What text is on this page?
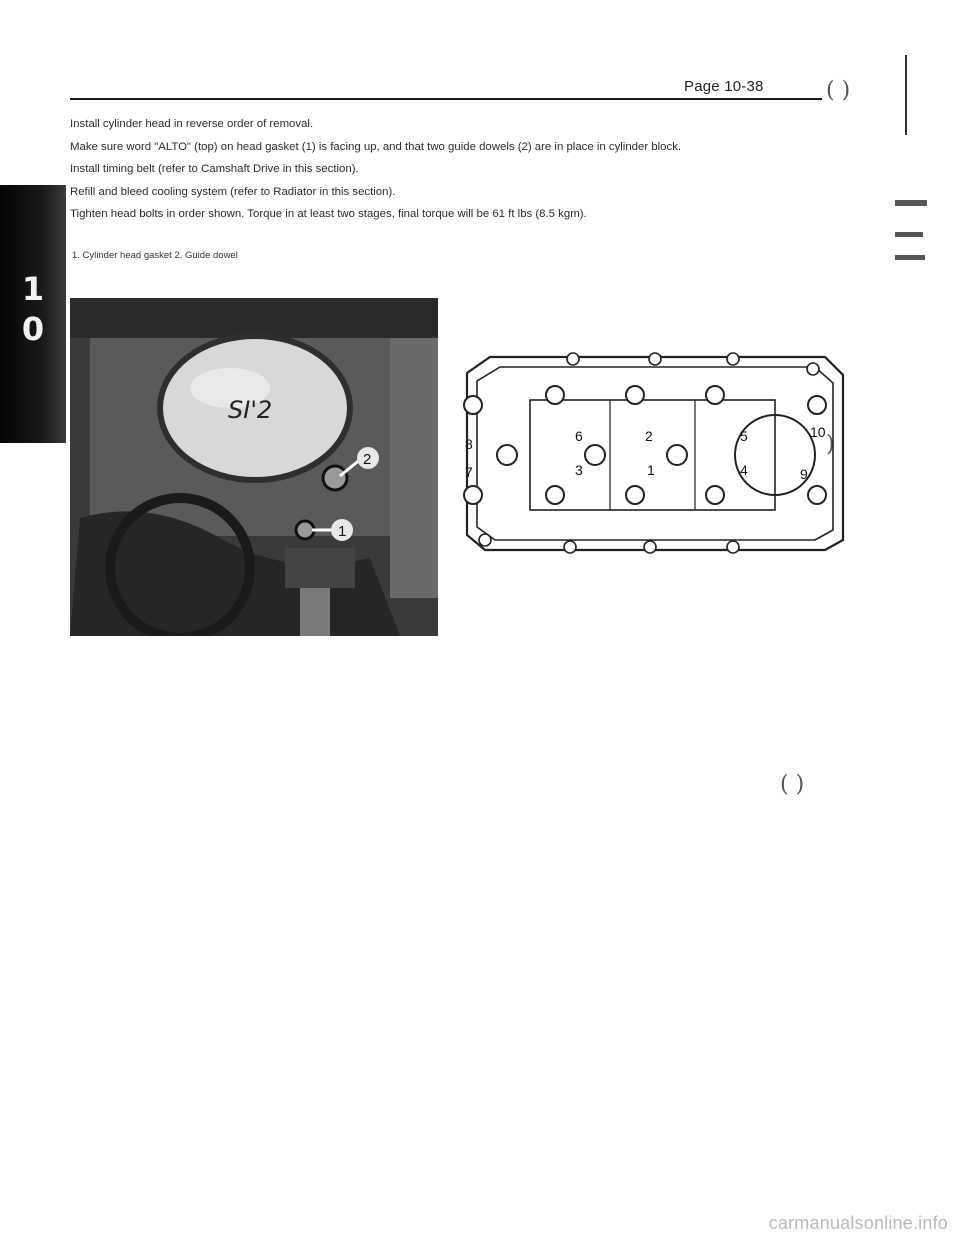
( )
)
( )
Page 10-38
1
0
Install cylinder head in reverse order of removal.
Make sure word "ALTO" (top) on head gasket (1) is facing up, and that two guide dowels (2) are in place in cylinder block.
Install timing belt (refer to Camshaft Drive in this section).
Refill and bleed cooling system (refer to Radiator in this section).
Tighten head bolts in order shown. Torque in at least two stages, final torque will be 61 ft lbs (8.5 kgm).
1. Cylinder head gasket 2. Guide dowel
SI'2
2
1
8
7
6
3
2
1
5
4
10
9
carmanualsonline.info
